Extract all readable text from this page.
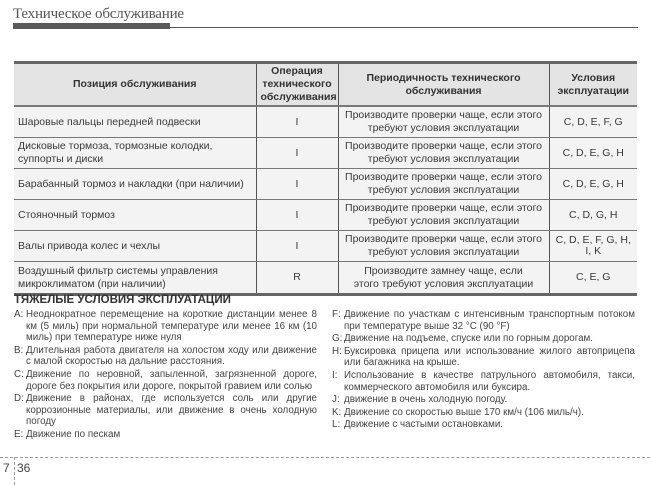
Техническое обслуживание
Позиция обслуживания	Операция технического обслуживания	Периодичность технического обслуживания	Условия эксплуатации
Шаровые пальцы передней подвески	I	Производите проверки чаще, если этого требуют условия эксплуатации	C, D, E, F, G
Дисковые тормоза, тормозные колодки, суппорты и диски	I	Производите проверки чаще, если этого требуют условия эксплуатации	C, D, E, G, H
Барабанный тормоз и накладки (при наличии)	I	Производите проверки чаще, если этого требуют условия эксплуатации	C, D, E, G, H
Стояночный тормоз	I	Производите проверки чаще, если этого требуют условия эксплуатации	C, D, G, H
Валы привода колес и чехлы	I	Производите проверки чаще, если этого требуют условия эксплуатации	C, D, E, F, G, H, I, K
Воздушный фильтр системы управления микроклиматом (при наличии)	R	Производите замнеу чаще, если этого требуют условия эксплуатации	C, E, G
ТЯЖЕЛЫЕ УСЛОВИЯ ЭКСПЛУАТАЦИИ
A: Неоднократное перемещение на короткие дистанции менее 8 км (5 миль) при нормальной температуре или менее 16 км (10 миль) при температуре ниже нуля
B: Длительная работа двигателя на холостом ходу или движение с малой скоростью на дальние расстояния.
C: Движение по неровной, запыленной, загрязненной дороге, дороге без покрытия или дороге, покрытой гравием или солью
D: Движение в районах, где используется соль или другие коррозионные материалы, или движение в очень холодную погоду
E: Движение по пескам
F: Движение по участкам с интенсивным транспортным потоком при температуре выше 32 °C (90 °F)
G: Движение на подъеме, спуске или по горным дорогам.
H: Буксировка прицепа или использование жилого автоприцепа или багажника на крыше.
I: Использование в качестве патрульного автомобиля, такси, коммерческого автомобиля или буксира.
J: движение в очень холодную погоду.
K: Движение со скоростью выше 170 км/ч (106 миль/ч).
L: Движение с частыми остановками.
7 36
